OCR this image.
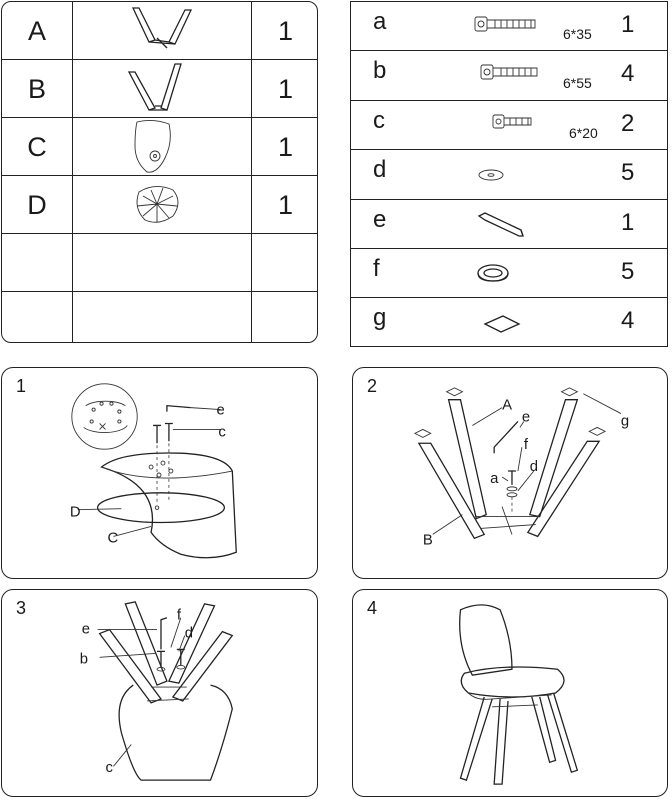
A	1
B	1
C	1
D	1
a	6*35 1
b	6*55 4
c	6*20 2
d	5
e	1
f	5
g	4
1
e
c
D
C
2
A
e
f
a
d
B
g
3
e
f
d
b
c
4
